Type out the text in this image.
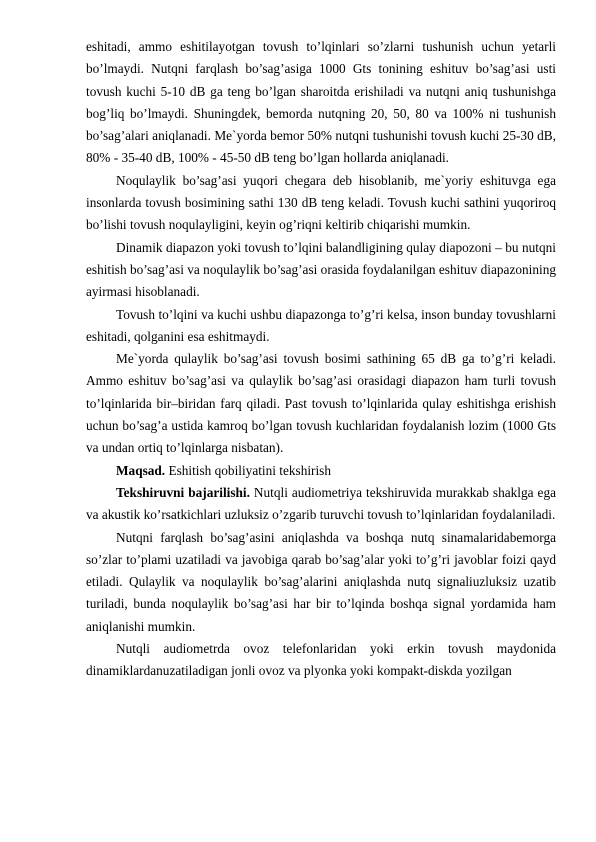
eshitadi, ammo eshitilayotgan tovush to’lqinlari so’zlarni tushunish uchun yetarli bo’lmaydi. Nutqni farqlash bo’sag’asiga 1000 Gts tonining eshituv bo’sag’asi usti tovush kuchi 5-10 dB ga teng bo’lgan sharoitda erishiladi va nutqni aniq tushunishga bog’liq bo’lmaydi. Shuningdek, bemorda nutqning 20, 50, 80 va 100% ni tushunish bo’sag’alari aniqlanadi. Me`yorda bemor 50% nutqni tushunishi tovush kuchi 25-30 dB, 80% - 35-40 dB, 100% - 45-50 dB teng bo’lgan hollarda aniqlanadi.

Noqulaylik bo’sag’asi yuqori chegara deb hisoblanib, me`yoriy eshituvga ega insonlarda tovush bosimining sathi 130 dB teng keladi. Tovush kuchi sathini yuqoriroq bo’lishi tovush noqulayligini, keyin og’riqni keltirib chiqarishi mumkin.

Dinamik diapazon yoki tovush to’lqini balandligining qulay diapozoni – bu nutqni eshitish bo’sag’asi va noqulaylik bo’sag’asi orasida foydalanilgan eshituv diapazonining ayirmasi hisoblanadi.

Tovush to’lqini va kuchi ushbu diapazonga to’g’ri kelsa, inson bunday tovushlarni eshitadi, qolganini esa eshitmaydi.

Me`yorda qulaylik bo’sag’asi tovush bosimi sathining 65 dB ga to’g’ri keladi. Ammo eshituv bo’sag’asi va qulaylik bo’sag’asi orasidagi diapazon ham turli tovush to’lqinlarida bir–biridan farq qiladi. Past tovush to’lqinlarida qulay eshitishga erishish uchun bo’sag’a ustida kamroq bo’lgan tovush kuchlaridan foydalanish lozim (1000 Gts va undan ortiq to’lqinlarga nisbatan).

Maqsad. Eshitish qobiliyatini tekshirish

Tekshiruvni bajarilishi. Nutqli audiometriya tekshiruvida murakkab shaklga ega va akustik ko’rsatkichlari uzluksiz o’zgarib turuvchi tovush to’lqinlaridan foydalaniladi.

Nutqni farqlash bo’sag’asini aniqlashda va boshqa nutq sinamalaridabemorga so’zlar to’plami uzatiladi va javobiga qarab bo’sag’alar yoki to’g’ri javoblar foizi qayd etiladi. Qulaylik va noqulaylik bo’sag’alarini aniqlashda nutq signaliuzluksiz uzatib turiladi, bunda noqulaylik bo’sag’asi har bir to’lqinda boshqa signal yordamida ham aniqlanishi mumkin.

Nutqli audiometrda ovoz telefonlaridan yoki erkin tovush maydonida dinamiklardanuzatiladigan jonli ovoz va plyonka yoki kompakt-diskda yozilgan
